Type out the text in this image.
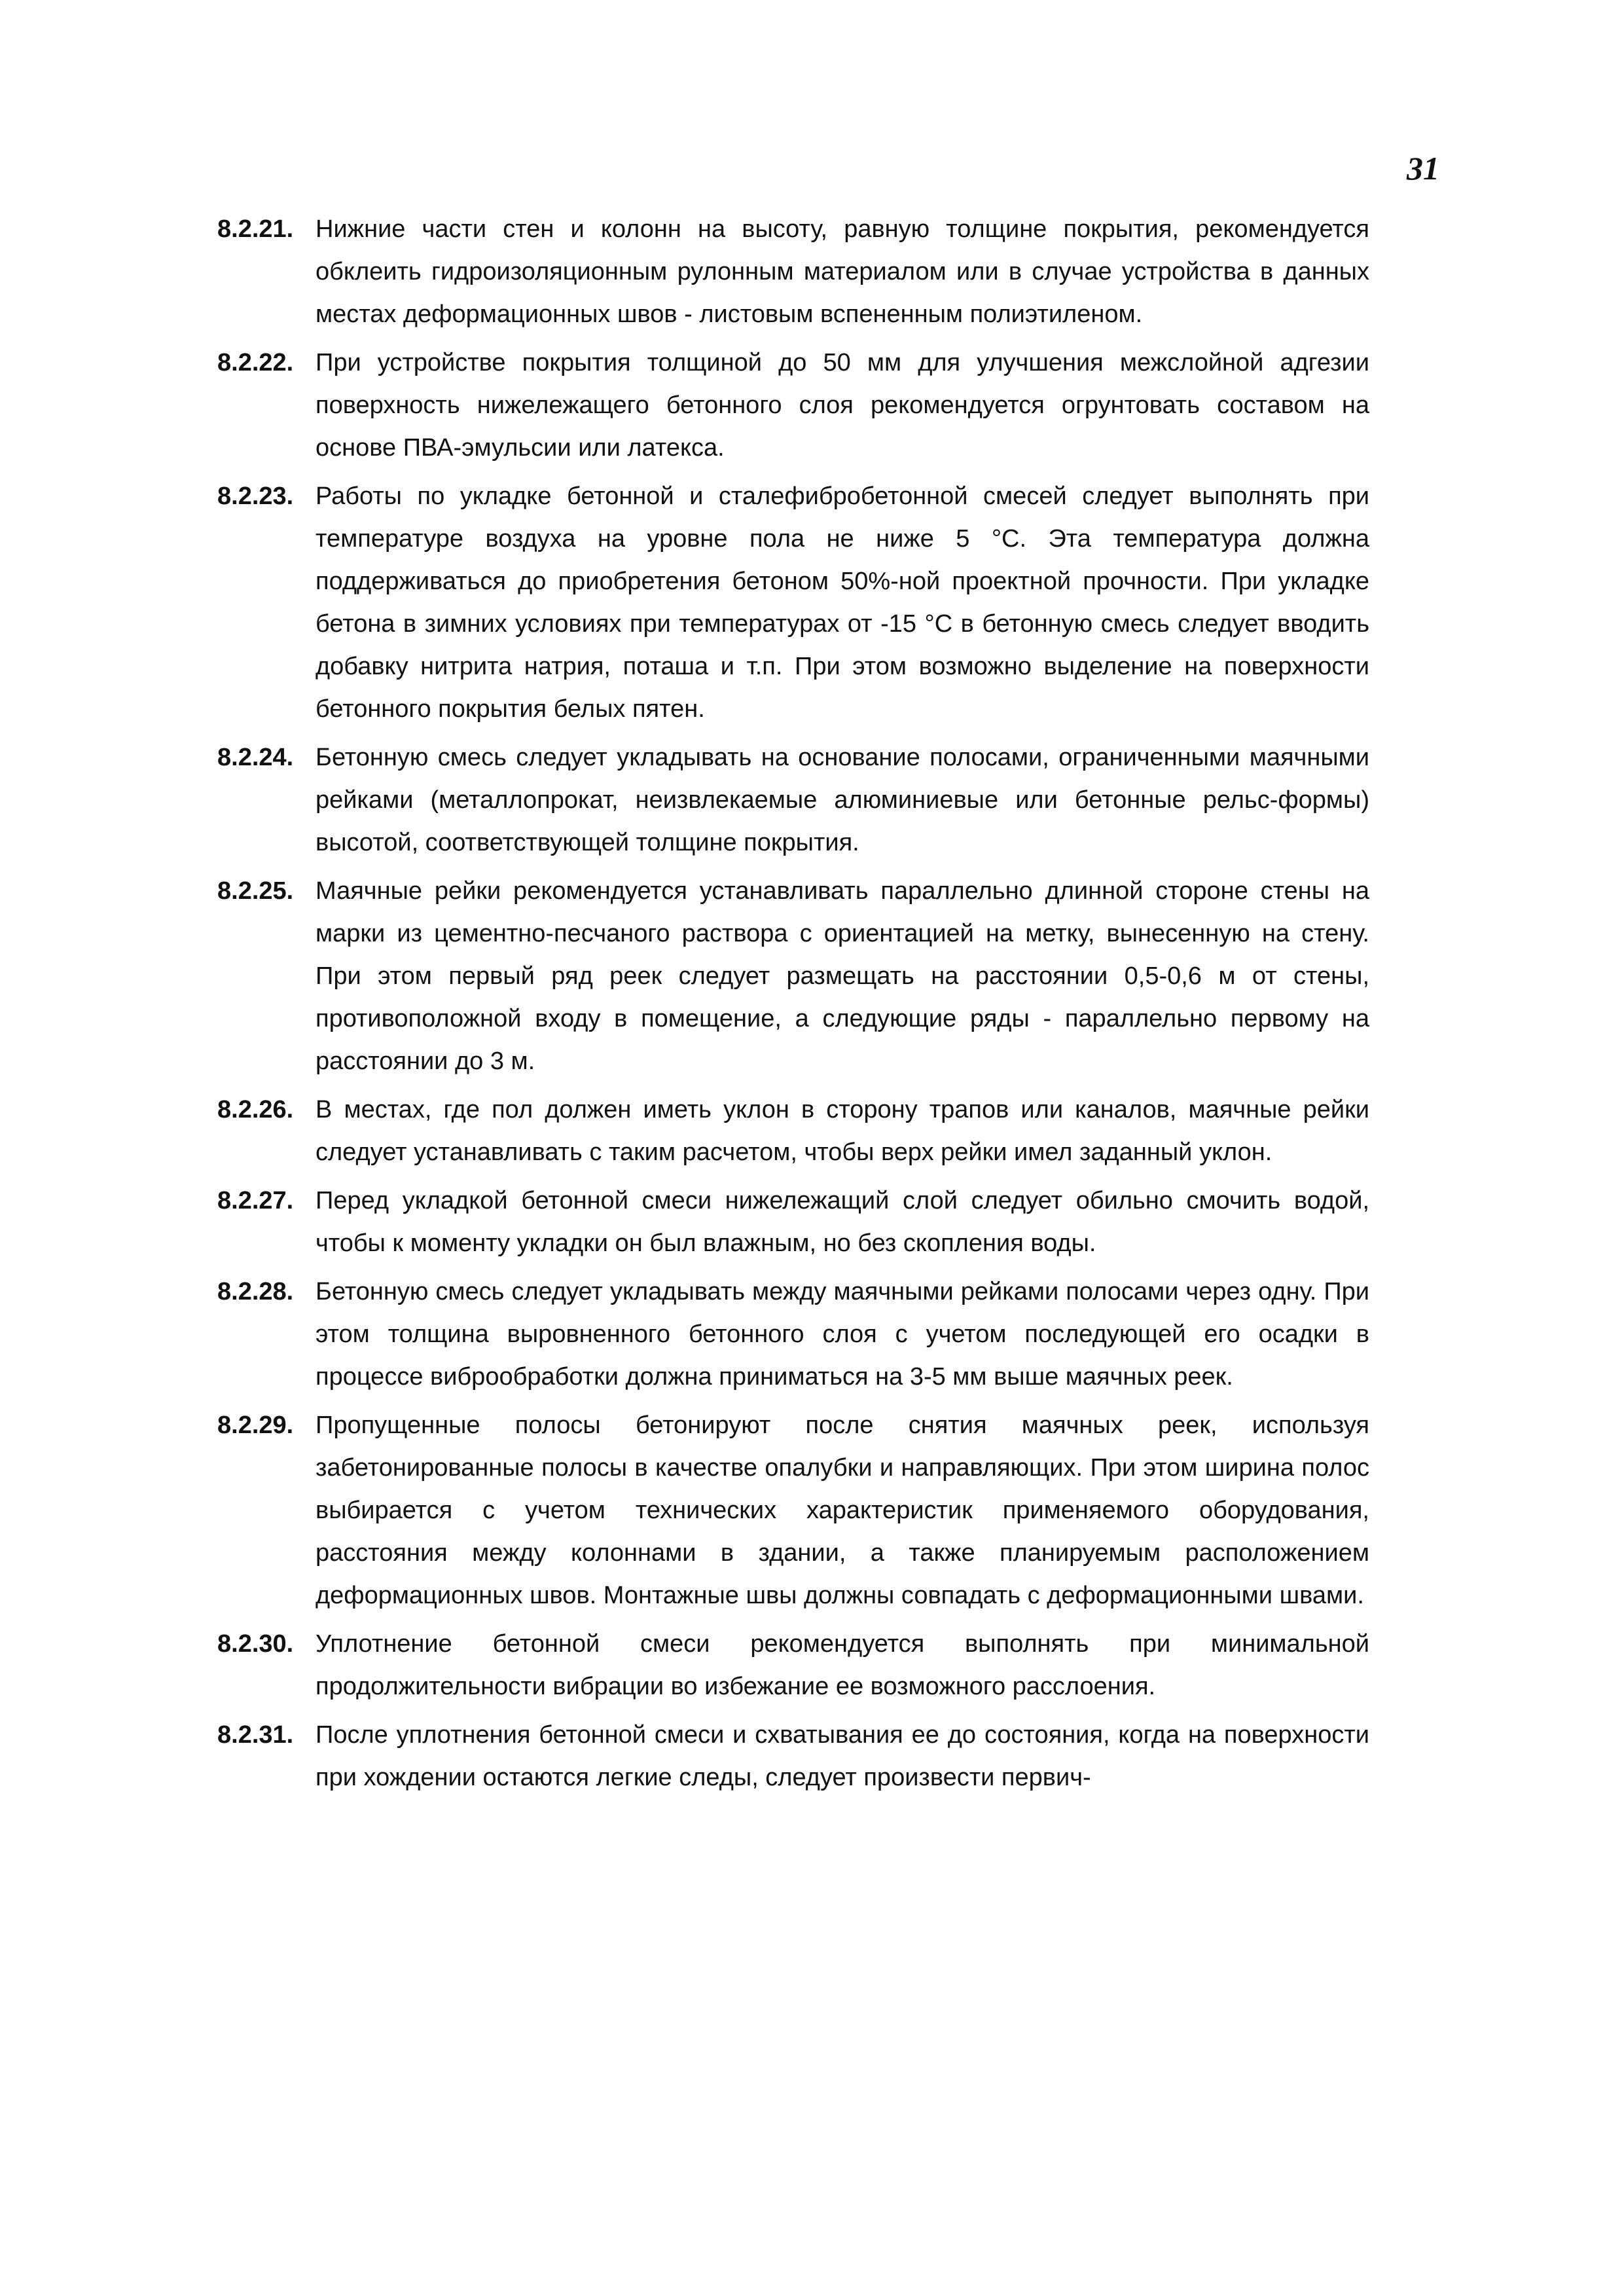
31
8.2.21. Нижние части стен и колонн на высоту, равную толщине покрытия, рекомендуется обклеить гидроизоляционным рулонным материалом или в случае устройства в данных местах деформационных швов - листовым вспененным полиэтиленом.
8.2.22. При устройстве покрытия толщиной до 50 мм для улучшения межслойной адгезии поверхность нижележащего бетонного слоя рекомендуется огрунтовать составом на основе ПВА-эмульсии или латекса.
8.2.23. Работы по укладке бетонной и сталефибробетонной смесей следует выполнять при температуре воздуха на уровне пола не ниже 5 °С. Эта температура должна поддерживаться до приобретения бетоном 50%-ной проектной прочности. При укладке бетона в зимних условиях при температурах от -15 °С в бетонную смесь следует вводить добавку нитрита натрия, поташа и т.п. При этом возможно выделение на поверхности бетонного покрытия белых пятен.
8.2.24. Бетонную смесь следует укладывать на основание полосами, ограниченными маячными рейками (металлопрокат, неизвлекаемые алюминиевые или бетонные рельс-формы) высотой, соответствующей толщине покрытия.
8.2.25. Маячные рейки рекомендуется устанавливать параллельно длинной стороне стены на марки из цементно-песчаного раствора с ориентацией на метку, вынесенную на стену. При этом первый ряд реек следует размещать на расстоянии 0,5-0,6 м от стены, противоположной входу в помещение, а следующие ряды - параллельно первому на расстоянии до 3 м.
8.2.26. В местах, где пол должен иметь уклон в сторону трапов или каналов, маячные рейки следует устанавливать с таким расчетом, чтобы верх рейки имел заданный уклон.
8.2.27. Перед укладкой бетонной смеси нижележащий слой следует обильно смочить водой, чтобы к моменту укладки он был влажным, но без скопления воды.
8.2.28. Бетонную смесь следует укладывать между маячными рейками полосами через одну. При этом толщина выровненного бетонного слоя с учетом последующей его осадки в процессе виброобработки должна приниматься на 3-5 мм выше маячных реек.
8.2.29. Пропущенные полосы бетонируют после снятия маячных реек, используя забетонированные полосы в качестве опалубки и направляющих. При этом ширина полос выбирается с учетом технических характеристик применяемого оборудования, расстояния между колоннами в здании, а также планируемым расположением деформационных швов. Монтажные швы должны совпадать с деформационными швами.
8.2.30. Уплотнение бетонной смеси рекомендуется выполнять при минимальной продолжительности вибрации во избежание ее возможного расслоения.
8.2.31. После уплотнения бетонной смеси и схватывания ее до состояния, когда на поверхности при хождении остаются легкие следы, следует произвести первич-
